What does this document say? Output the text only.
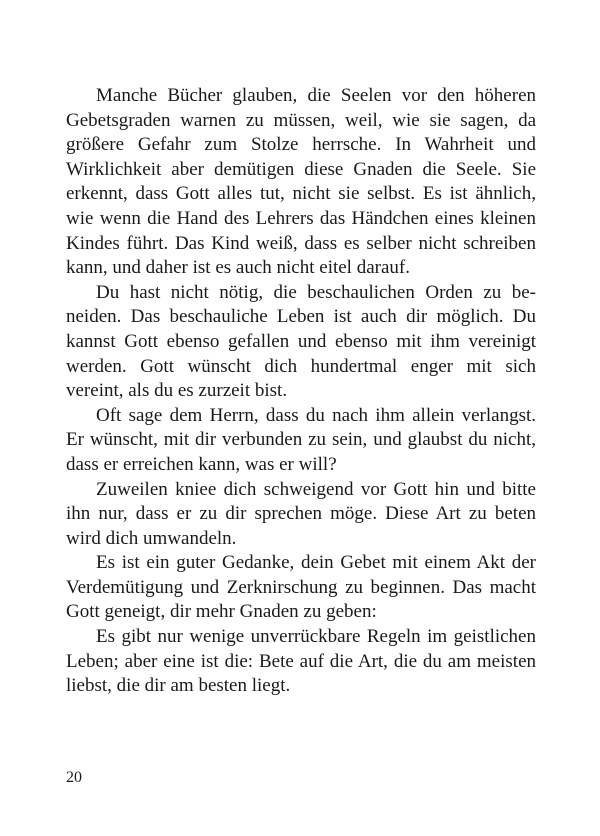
Manche Bücher glauben, die Seelen vor den höheren Gebetsgraden warnen zu müssen, weil, wie sie sagen, da größere Gefahr zum Stolze herrsche. In Wahrheit und Wirklichkeit aber demütigen diese Gnaden die Seele. Sie erkennt, dass Gott alles tut, nicht sie selbst. Es ist ähnlich, wie wenn die Hand des Lehrers das Händchen eines kleinen Kindes führt. Das Kind weiß, dass es selber nicht schreiben kann, und daher ist es auch nicht eitel darauf.

Du hast nicht nötig, die beschaulichen Orden zu beneiden. Das beschauliche Leben ist auch dir möglich. Du kannst Gott ebenso gefallen und ebenso mit ihm vereinigt werden. Gott wünscht dich hundertmal enger mit sich vereint, als du es zurzeit bist.

Oft sage dem Herrn, dass du nach ihm allein verlangst. Er wünscht, mit dir verbunden zu sein, und glaubst du nicht, dass er erreichen kann, was er will?

Zuweilen kniee dich schweigend vor Gott hin und bitte ihn nur, dass er zu dir sprechen möge. Diese Art zu beten wird dich umwandeln.

Es ist ein guter Gedanke, dein Gebet mit einem Akt der Verdemütigung und Zerknirschung zu beginnen. Das macht Gott geneigt, dir mehr Gnaden zu geben:

Es gibt nur wenige unverrückbare Regeln im geistlichen Leben; aber eine ist die: Bete auf die Art, die du am meisten liebst, die dir am besten liegt.

20
